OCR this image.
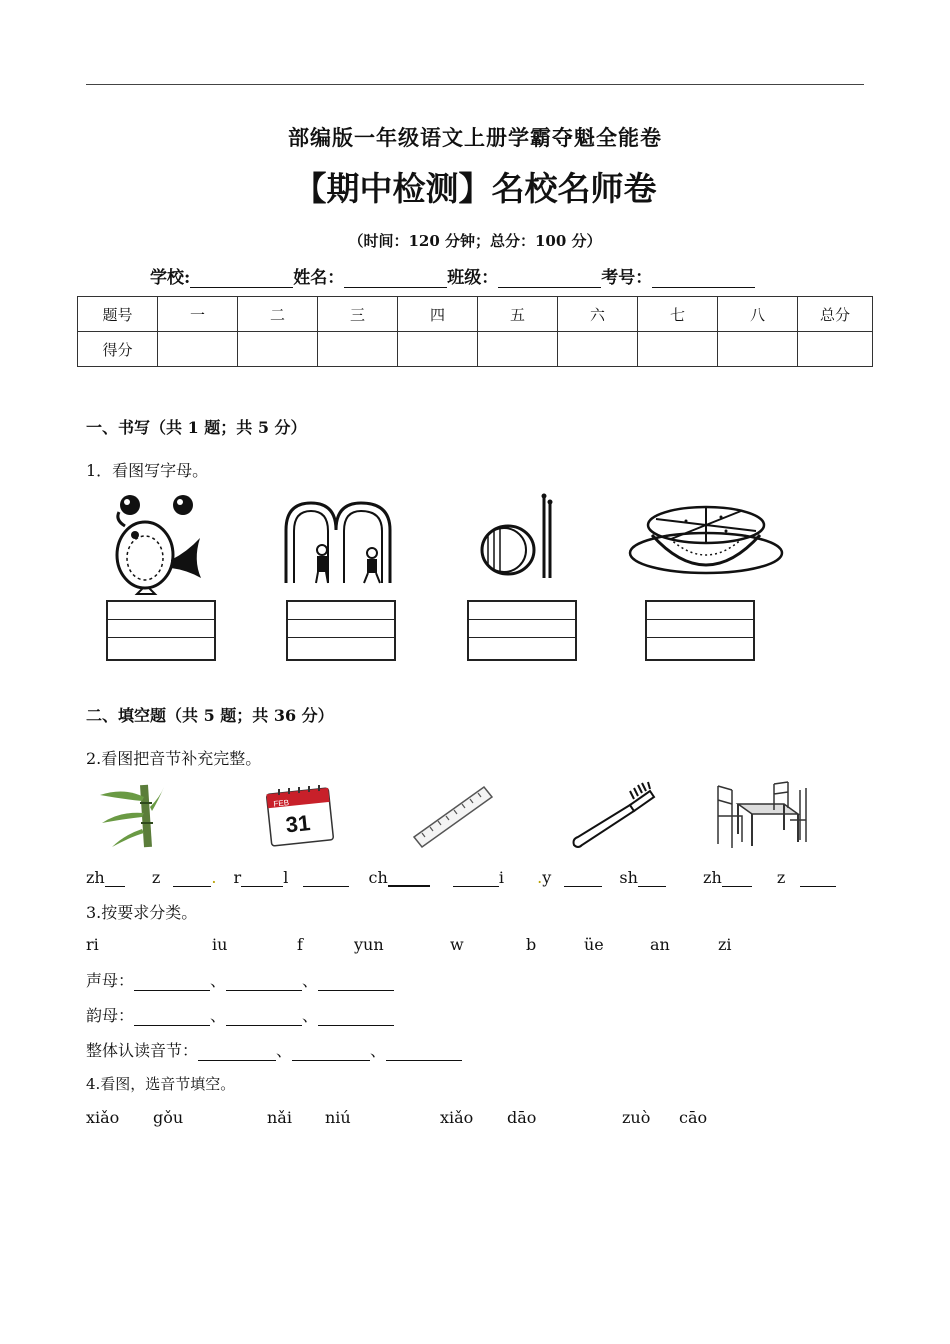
部编版一年级语文上册学霸夺魁全能卷
【期中检测】名校名师卷
（时间：120 分钟；总分：100 分）
学校:	姓名：	班级：	考号：
题号	一	二	三	四	五	六	七	八	总分
得分									
一、书写（共 1 题；共 5 分）
1．看图写字母。
二、填空题（共 5 题；共 36 分）
2.看图把音节补充完整。
FEB
31
zh	z	. r	l	ch	i .y	sh	zh	z
3.按要求分类。
ri	iu	f	yun	w	b	üe	an	zi
声母：	、	、
韵母：	、	、
整体认读音节：	、	、
4.看图，选音节填空。
xiǎo gǒu	nǎi niú	xiǎo dāo	zuò cāo
